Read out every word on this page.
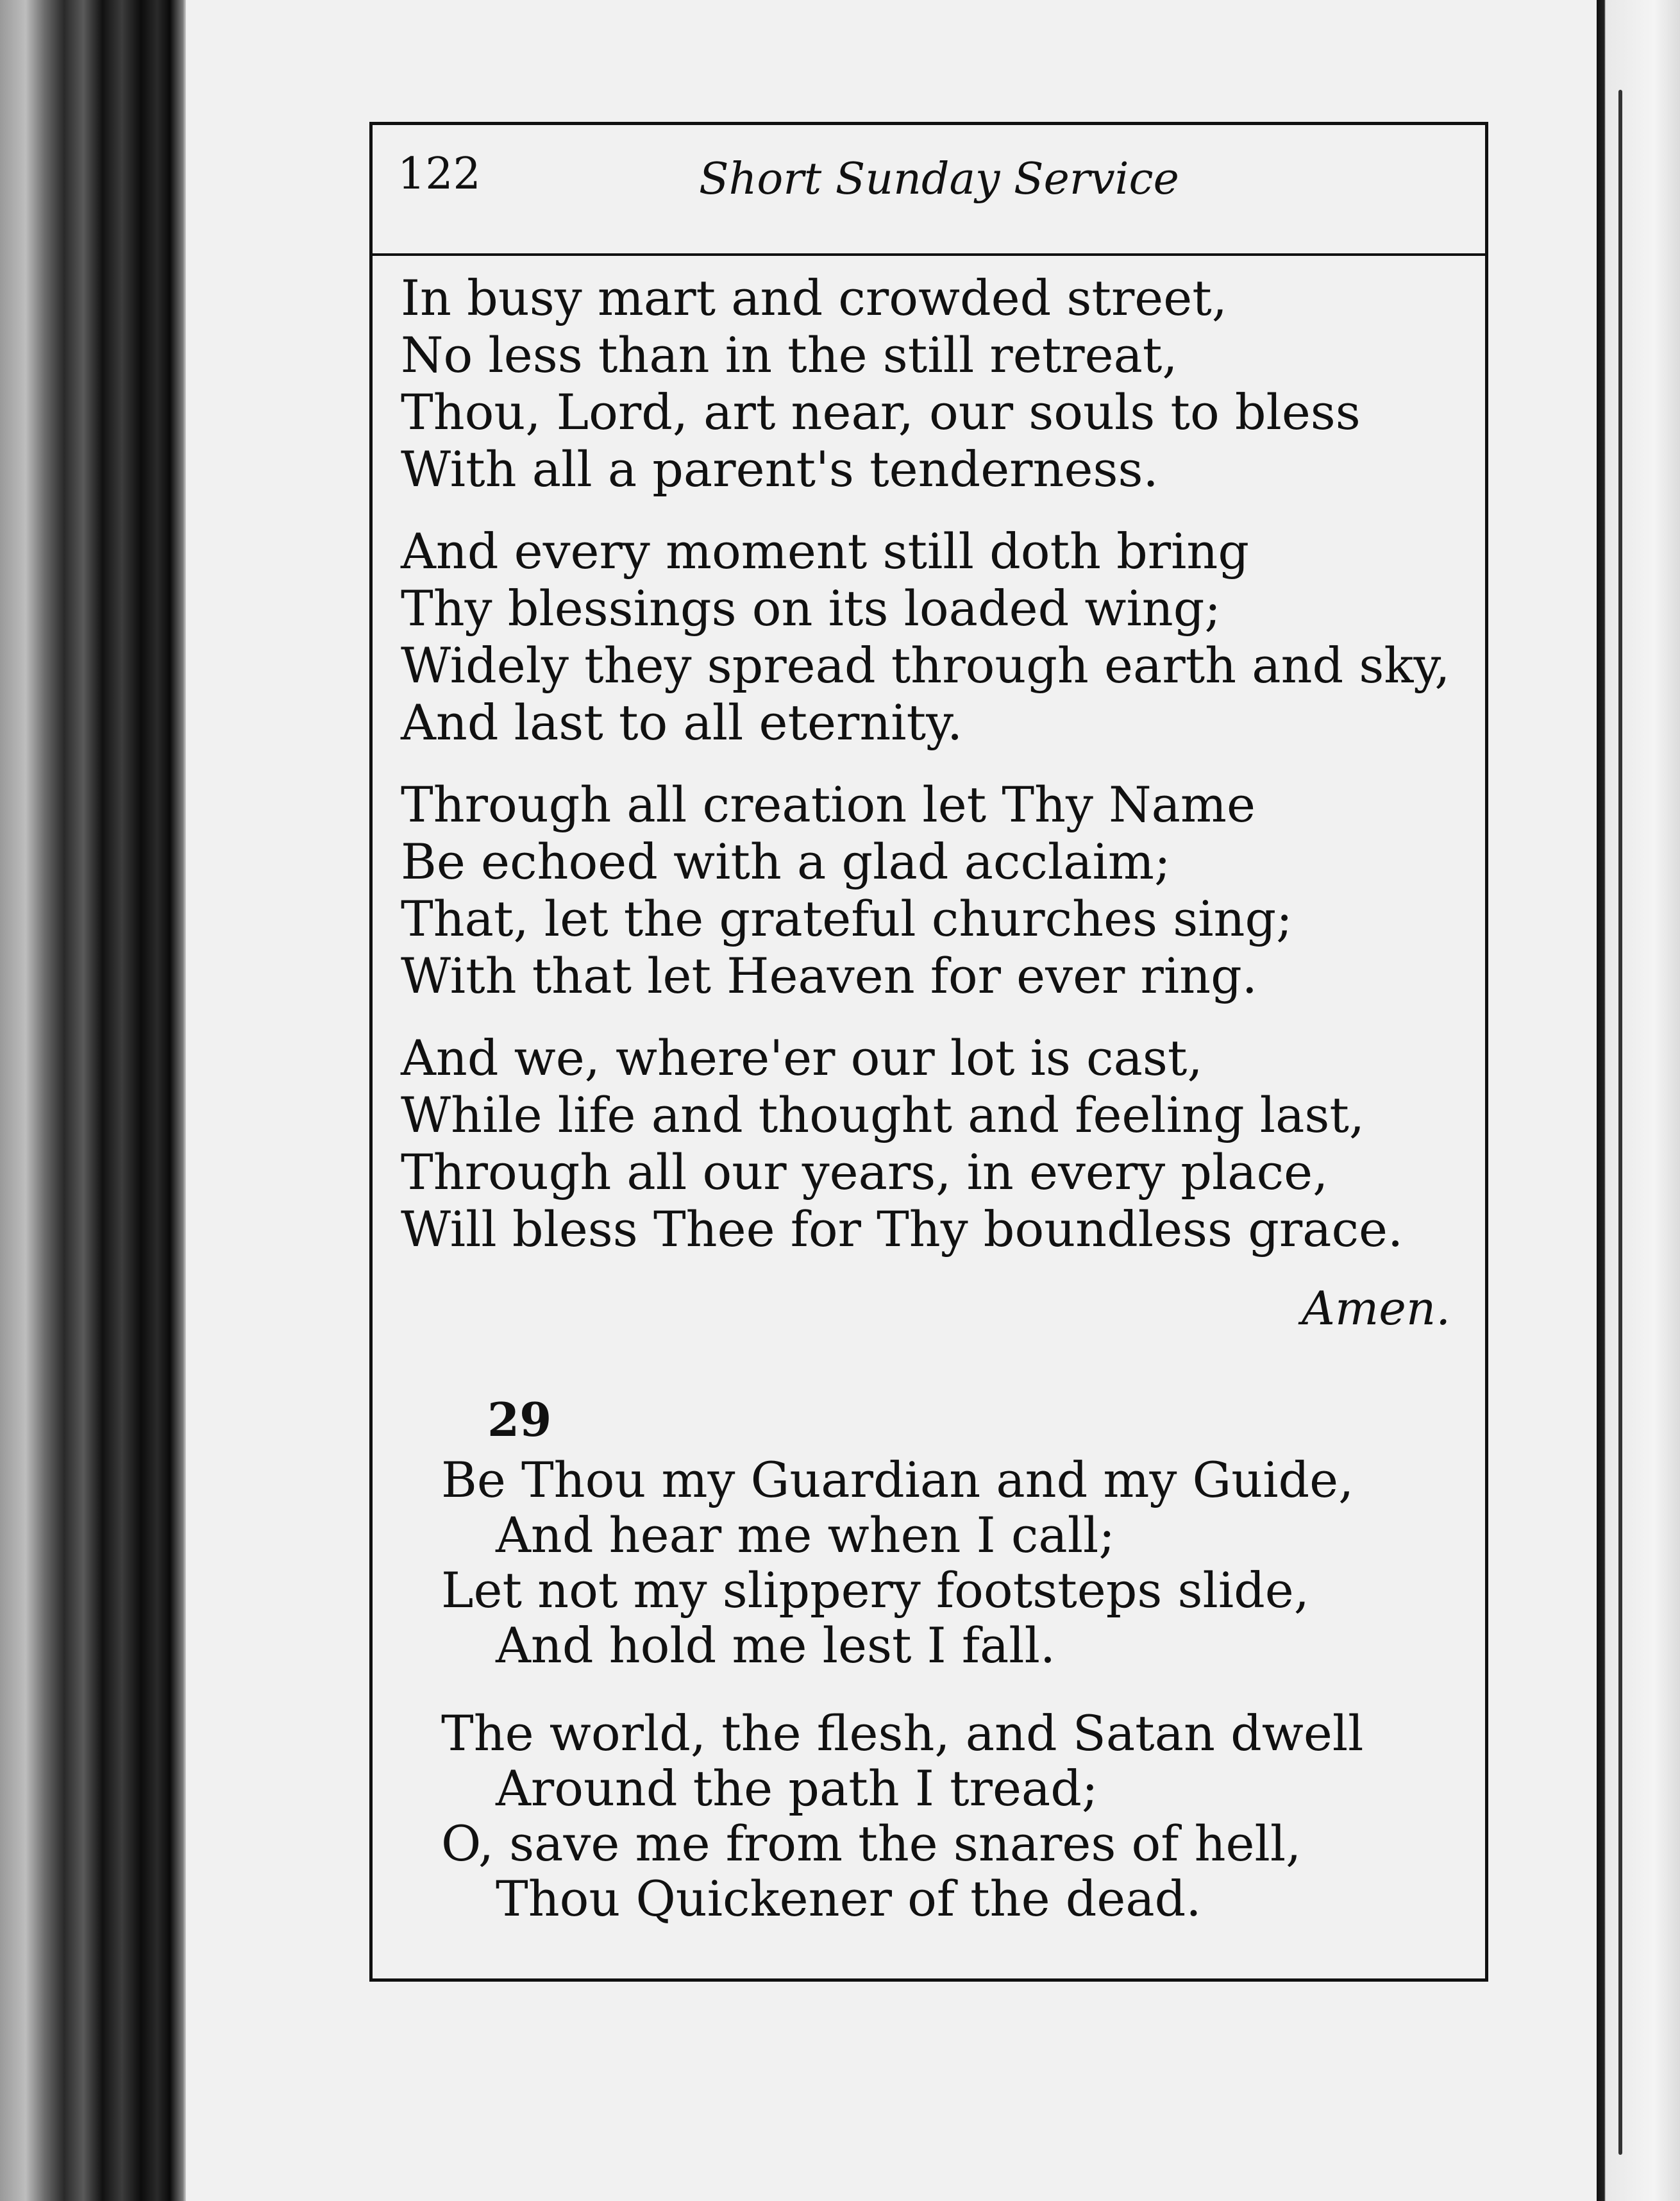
122	Short Sunday Service
In busy mart and crowded street,
No less than in the still retreat,
Thou, Lord, art near, our souls to bless
With all a parent's tenderness.
And every moment still doth bring
Thy blessings on its loaded wing;
Widely they spread through earth and sky,
And last to all eternity.
Through all creation let Thy Name
Be echoed with a glad acclaim;
That, let the grateful churches sing;
With that let Heaven for ever ring.
And we, where'er our lot is cast,
While life and thought and feeling last,
Through all our years, in every place,
Will bless Thee for Thy boundless grace.
Amen.
29
Be Thou my Guardian and my Guide,
And hear me when I call;
Let not my slippery footsteps slide,
And hold me lest I fall.
The world, the flesh, and Satan dwell
Around the path I tread;
O, save me from the snares of hell,
Thou Quickener of the dead.
